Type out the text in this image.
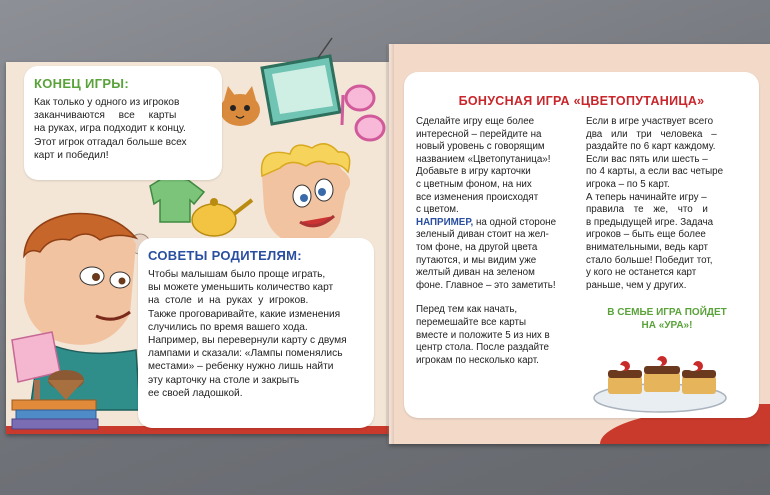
КОНЕЦ ИГРЫ:
Как только у одного из игроков
заканчиваются все карты
на руках, игра подходит к концу.
Этот игрок отгадал больше всех
карт и победил!
СОВЕТЫ РОДИТЕЛЯМ:
Чтобы малышам было проще играть,
вы можете уменьшить количество карт
на столе и на руках у игроков.
Также проговаривайте, какие изменения
случились по время вашего хода.
Например, вы перевернули карту с двумя
лампами и сказали: «Лампы поменялись
местами» – ребенку нужно лишь найти
эту карточку на столе и закрыть
ее своей ладошкой.
БОНУСНАЯ ИГРА «ЦВЕТОПУТАНИЦА»
Сделайте игру еще более
интересной – перейдите на
новый уровень с говорящим
названием «Цветопутаница»!
Добавьте в игру карточки
с цветным фоном, на них
все изменения происходят
с цветом.
НАПРИМЕР, на одной стороне
зеленый диван стоит на жел-
том фоне, на другой цвета
путаются, и мы видим уже
желтый диван на зеленом
фоне. Главное – это заметить!
Перед тем как начать,
перемешайте все карты
вместе и положите 5 из них в
центр стола. После раздайте
игрокам по несколько карт.
Если в игре участвует всего
два или три человека –
раздайте по 6 карт каждому.
Если вас пять или шесть –
по 4 карты, а если вас четыре
игрока – по 5 карт.
А теперь начинайте игру –
правила те же, что и
в предыдущей игре. Задача
игроков – быть еще более
внимательными, ведь карт
стало больше! Победит тот,
у кого не останется карт
раньше, чем у других.
В СЕМЬЕ ИГРА ПОЙДЕТ
НА «УРА»!
